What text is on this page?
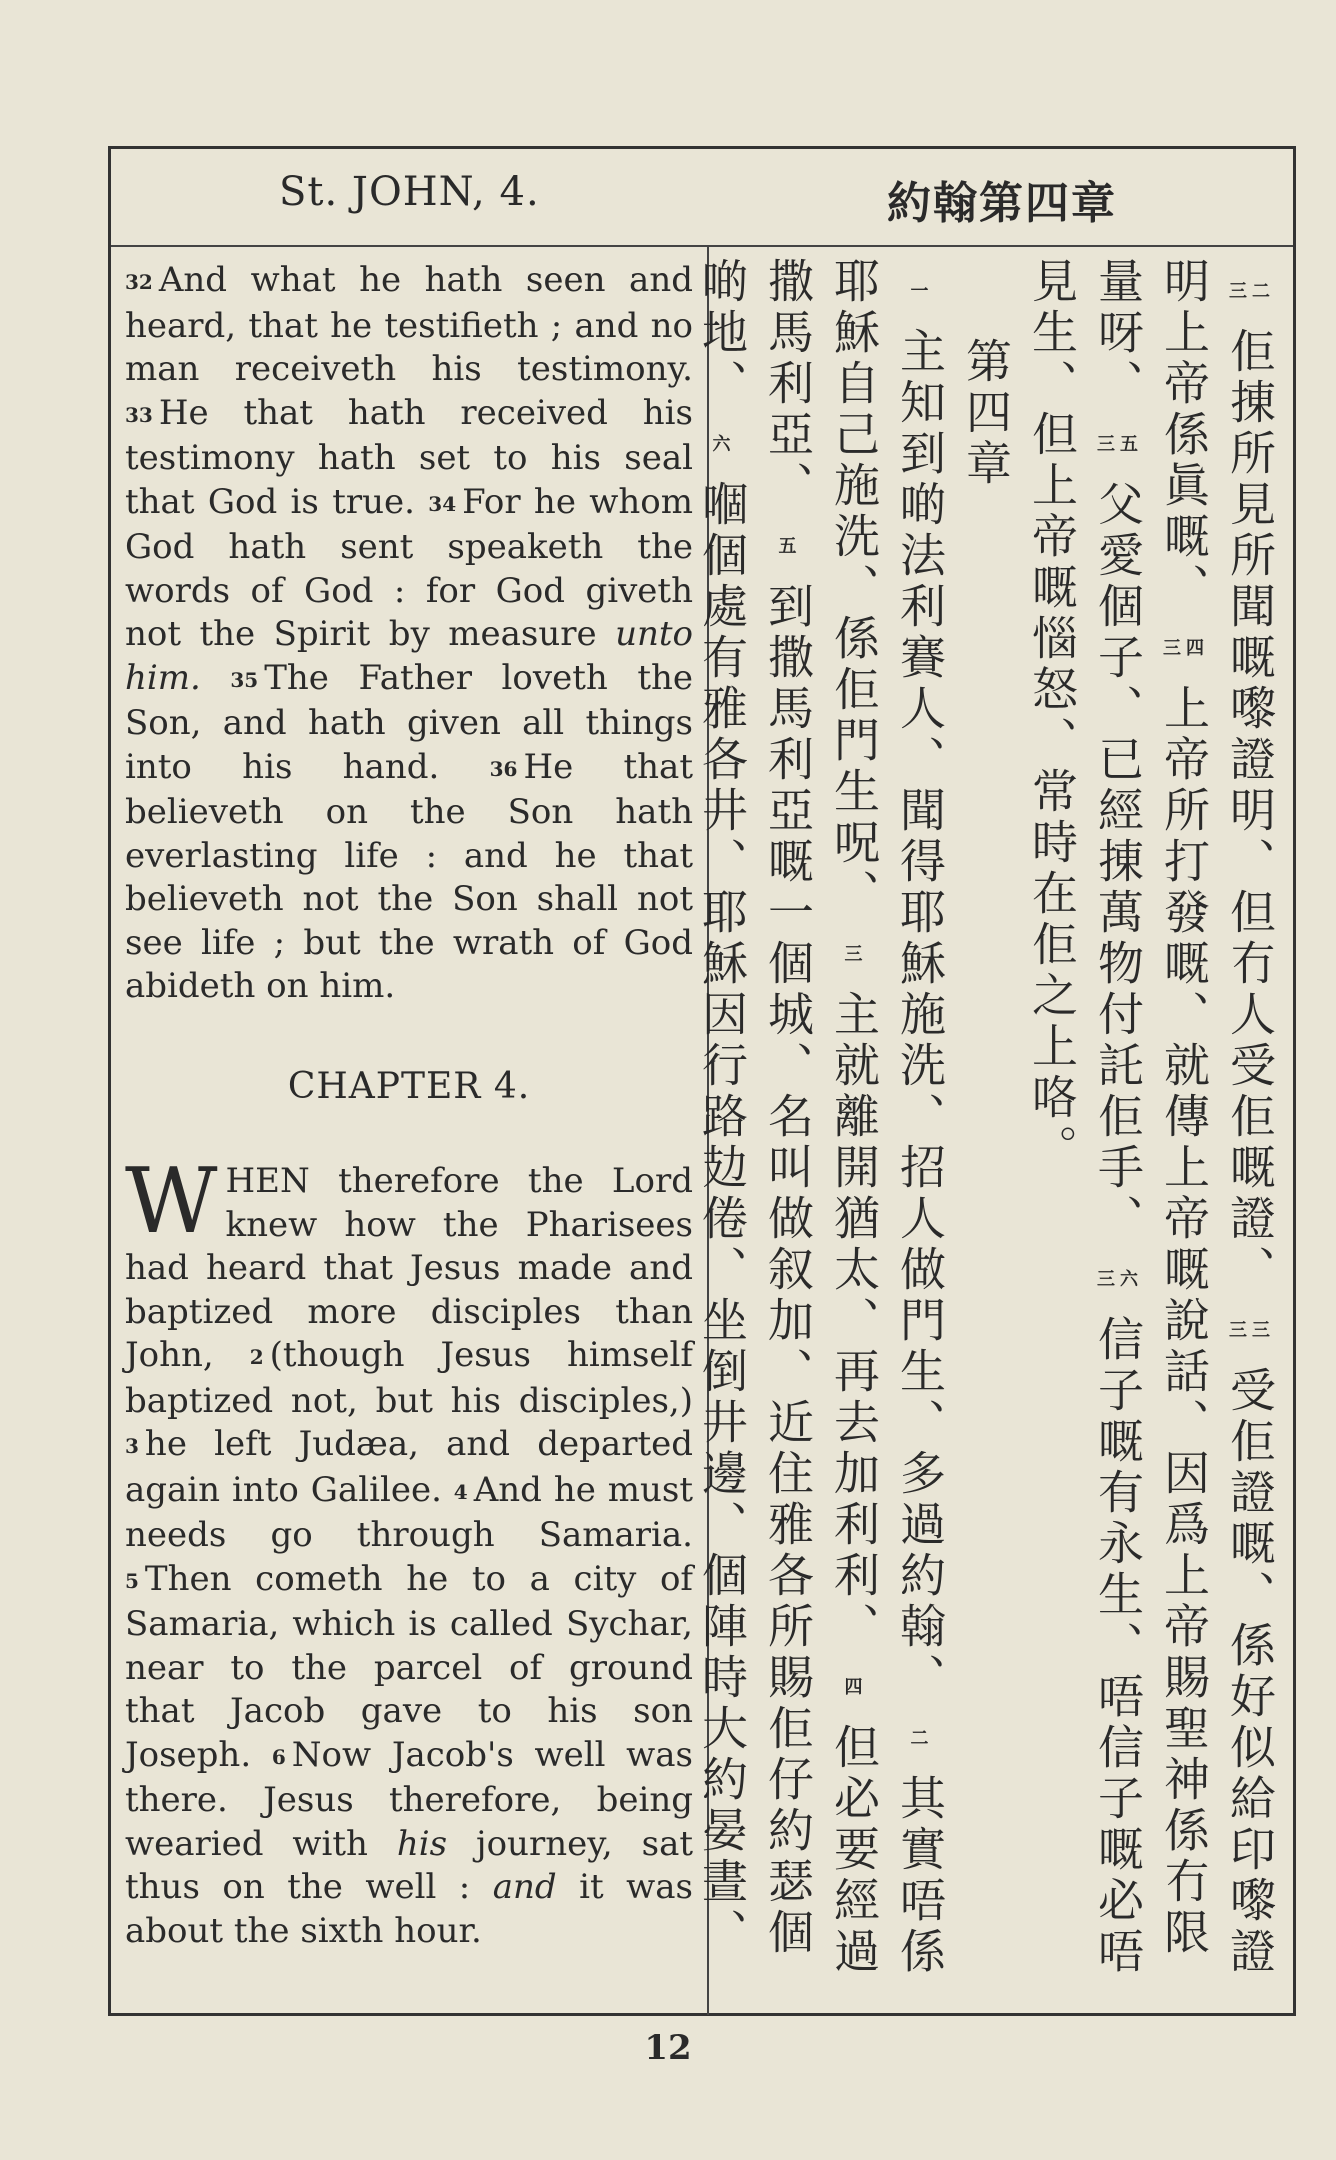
St. JOHN, 4.	約翰第四章
32 And what he hath seen and heard, that he testifieth ; and no man receiveth his testimony. 33 He that hath received his testimony hath set to his seal that God is true. 34 For he whom God hath sent speaketh the words of God : for God giveth not the Spirit by measure unto him. 35 The Father loveth the Son, and hath given all things into his hand.	36 He that believeth on the Son hath everlasting life : and he that believeth not the Son shall not see life ; but the wrath of God abideth on him.
CHAPTER 4.
WHEN therefore the Lord knew how the Pharisees had heard that Jesus made and baptized more disciples than John, 2 (though Jesus himself baptized not, but his disciples,) 3 he left Judæa, and departed again into Galilee. 4 And he must needs go through Samaria. 5 Then cometh he to a city of Samaria, which is called Sychar, near to the parcel of ground that Jacob gave to his son Joseph. 6 Now Jacob's well was there. Jesus therefore, being wearied with his journey, sat thus on the well : and it was about the sixth hour.
三二佢㨂所見所聞嘅嚟證明、但冇人受佢嘅證、三三受佢證嘅、係好似給印嚟證明上帝係眞嘅、三四上帝所打發嘅、就傳上帝嘅說話、因爲上帝賜聖神係冇限量呀、三五父愛個子、已經㨂萬物付託佢手、三六信子嘅有永生、唔信子嘅必唔見生、但上帝嘅惱怒、常時在佢之上咯。
第四章
一主知到啲法利賽人、聞得耶穌施洗、招人做門生、多過約翰、二其實唔係耶穌自己施洗、係佢門生呪、三主就離開猶太、再去加利利、四但必要經過撒馬利亞、五到撒馬利亞嘅一個城、名叫做叙加、近住雅各所賜佢仔約瑟個啲地、六嗰個處有雅各井、耶穌因行路攰倦、坐倒井邊、個陣時大約晏晝、
12
